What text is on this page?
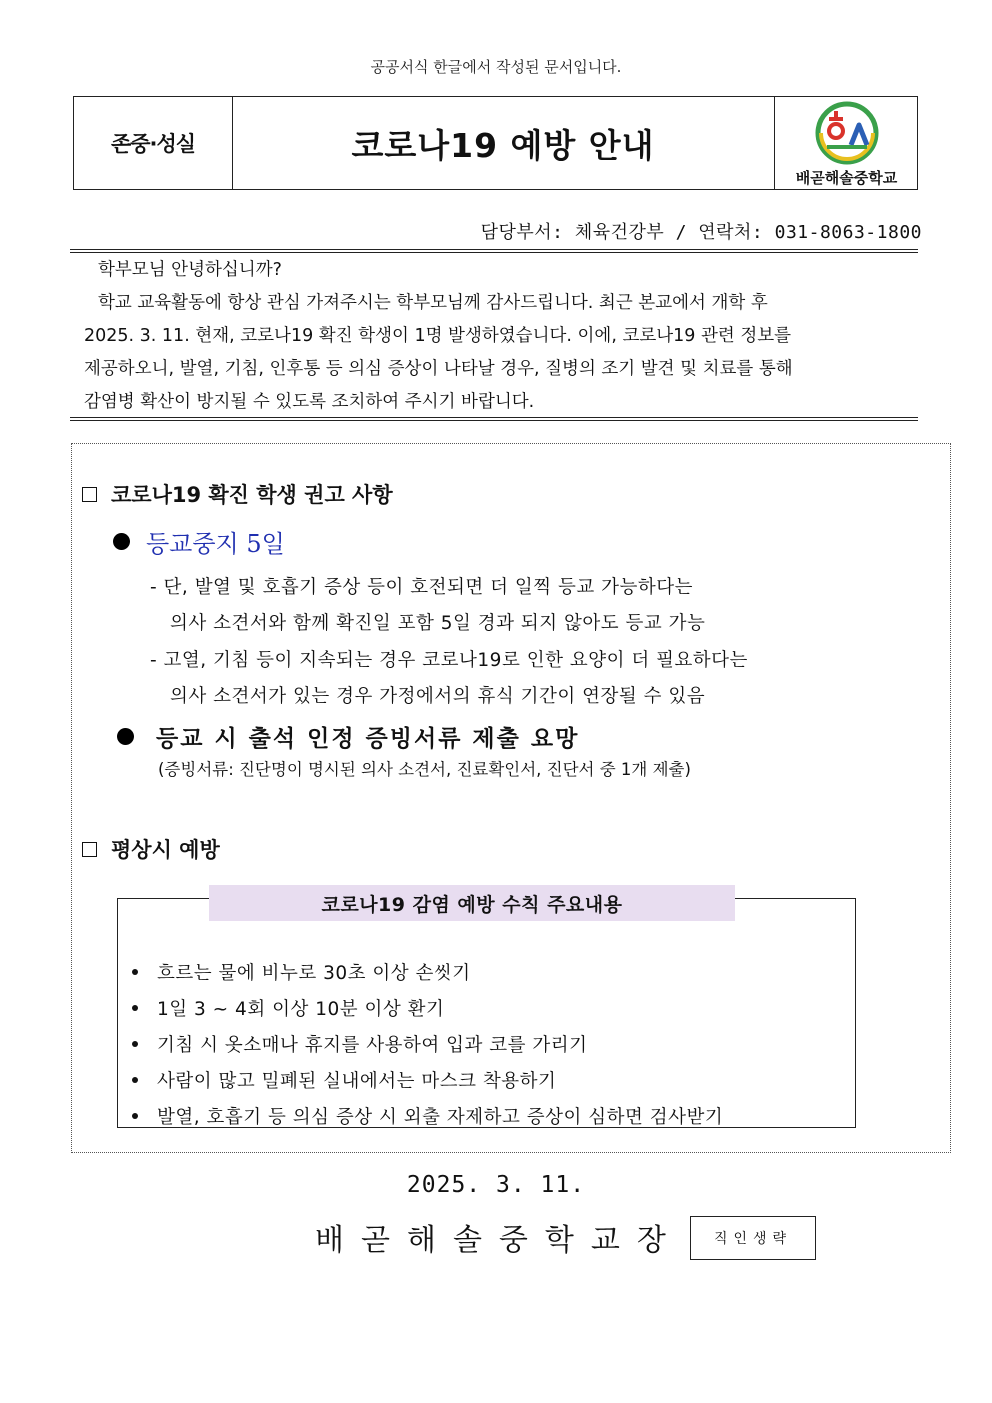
공공서식 한글에서 작성된 문서입니다.
존중·성실	코로나19 예방 안내
배곧해솔중학교
담당부서: 체육건강부 / 연락처: 031-8063-1800

학부모님 안녕하십니까?

학교 교육활동에 항상 관심 가져주시는 학부모님께 감사드립니다. 최근 본교에서 개학 후

2025. 3. 11. 현재, 코로나19 확진 학생이 1명 발생하였습니다. 이에, 코로나19 관련 정보를

제공하오니, 발열, 기침, 인후통 등 의심 증상이 나타날 경우, 질병의 조기 발견 및 치료를 통해

감염병 확산이 방지될 수 있도록 조치하여 주시기 바랍니다.

코로나19 확진 학생 권고 사항
등교중지 5일
- 단, 발열 및 호흡기 증상 등이 호전되면 더 일찍 등교 가능하다는
의사 소견서와 함께 확진일 포함 5일 경과 되지 않아도 등교 가능
- 고열, 기침 등이 지속되는 경우 코로나19로 인한 요양이 더 필요하다는
의사 소견서가 있는 경우 가정에서의 휴식 기간이 연장될 수 있음
등교 시 출석 인정 증빙서류 제출 요망
(증빙서류: 진단명이 명시된 의사 소견서, 진료확인서, 진단서 중 1개 제출)
평상시 예방
코로나19 감염 예방 수칙 주요내용
흐르는 물에 비누로 30초 이상 손씻기
1일 3 ~ 4회 이상 10분 이상 환기
기침 시 옷소매나 휴지를 사용하여 입과 코를 가리기
사람이 많고 밀폐된 실내에서는 마스크 착용하기
발열, 호흡기 등 의심 증상 시 외출 자제하고 증상이 심하면 검사받기
2025. 3. 11.
배곧해솔중학교장	직인생략
